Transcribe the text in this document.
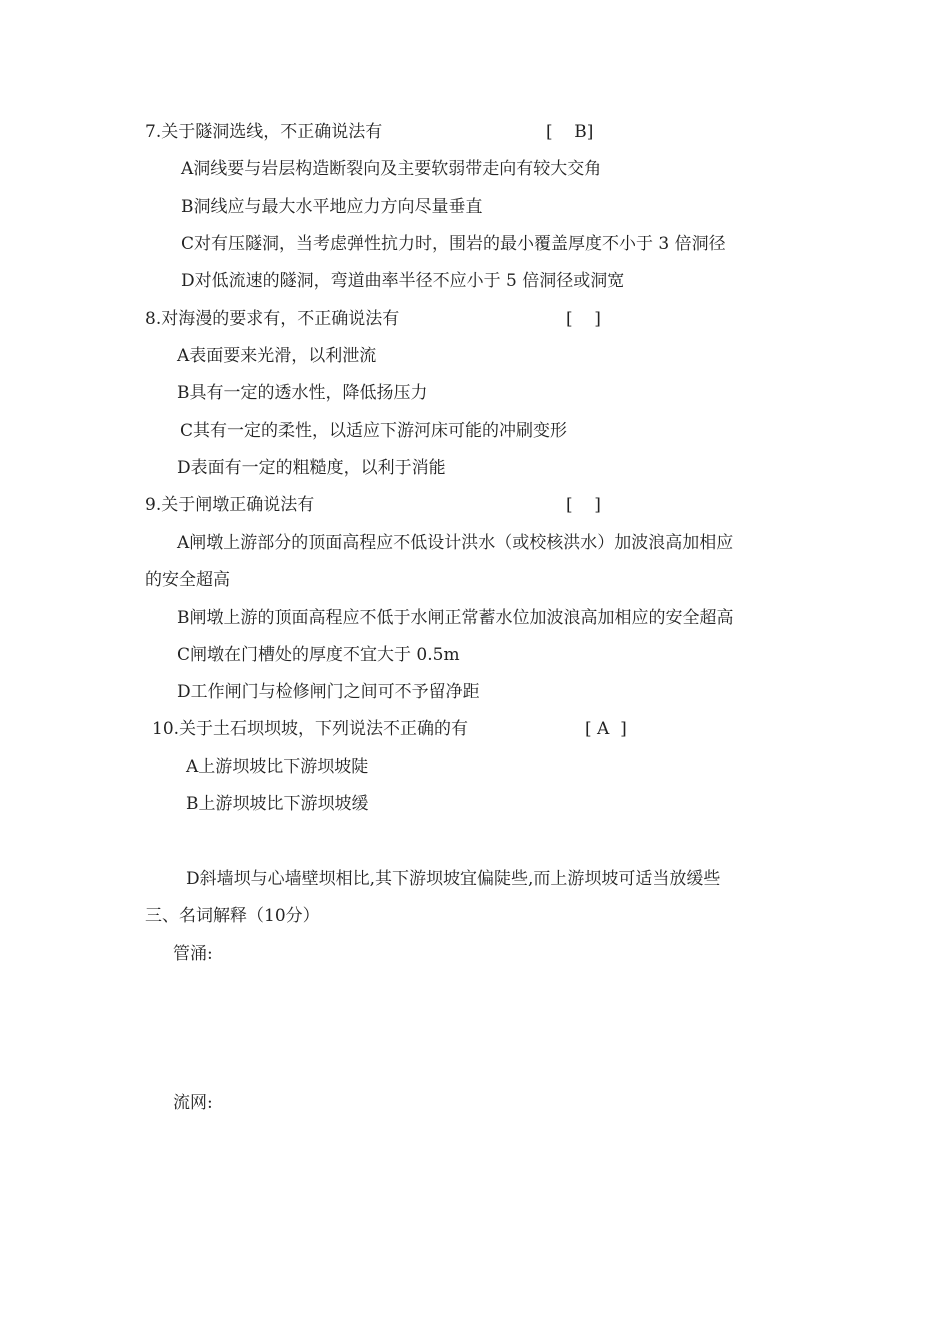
7.关于隧洞选线，不正确说法有	[    B]
A洞线要与岩层构造断裂向及主要软弱带走向有较大交角
B洞线应与最大水平地应力方向尽量垂直
C对有压隧洞，当考虑弹性抗力时，围岩的最小覆盖厚度不小于 3 倍洞径
D对低流速的隧洞，弯道曲率半径不应小于 5 倍洞径或洞宽
8.对海漫的要求有，不正确说法有	[    ]
A表面要来光滑，以利泄流
B具有一定的透水性，降低扬压力
C其有一定的柔性，以适应下游河床可能的冲刷变形
D表面有一定的粗糙度，以利于消能
9.关于闸墩正确说法有	[    ]
A闸墩上游部分的顶面高程应不低设计洪水（或校核洪水）加波浪高加相应
的安全超高
B闸墩上游的顶面高程应不低于水闸正常蓄水位加波浪高加相应的安全超高
C闸墩在门槽处的厚度不宜大于 0.5m
D工作闸门与检修闸门之间可不予留净距
10.关于土石坝坝坡，下列说法不正确的有	[ A  ]
A上游坝坡比下游坝坡陡
B上游坝坡比下游坝坡缓
D斜墙坝与心墙壁坝相比,其下游坝坡宜偏陡些,而上游坝坡可适当放缓些
三、名词解释（10分）
管涌:
流网:
